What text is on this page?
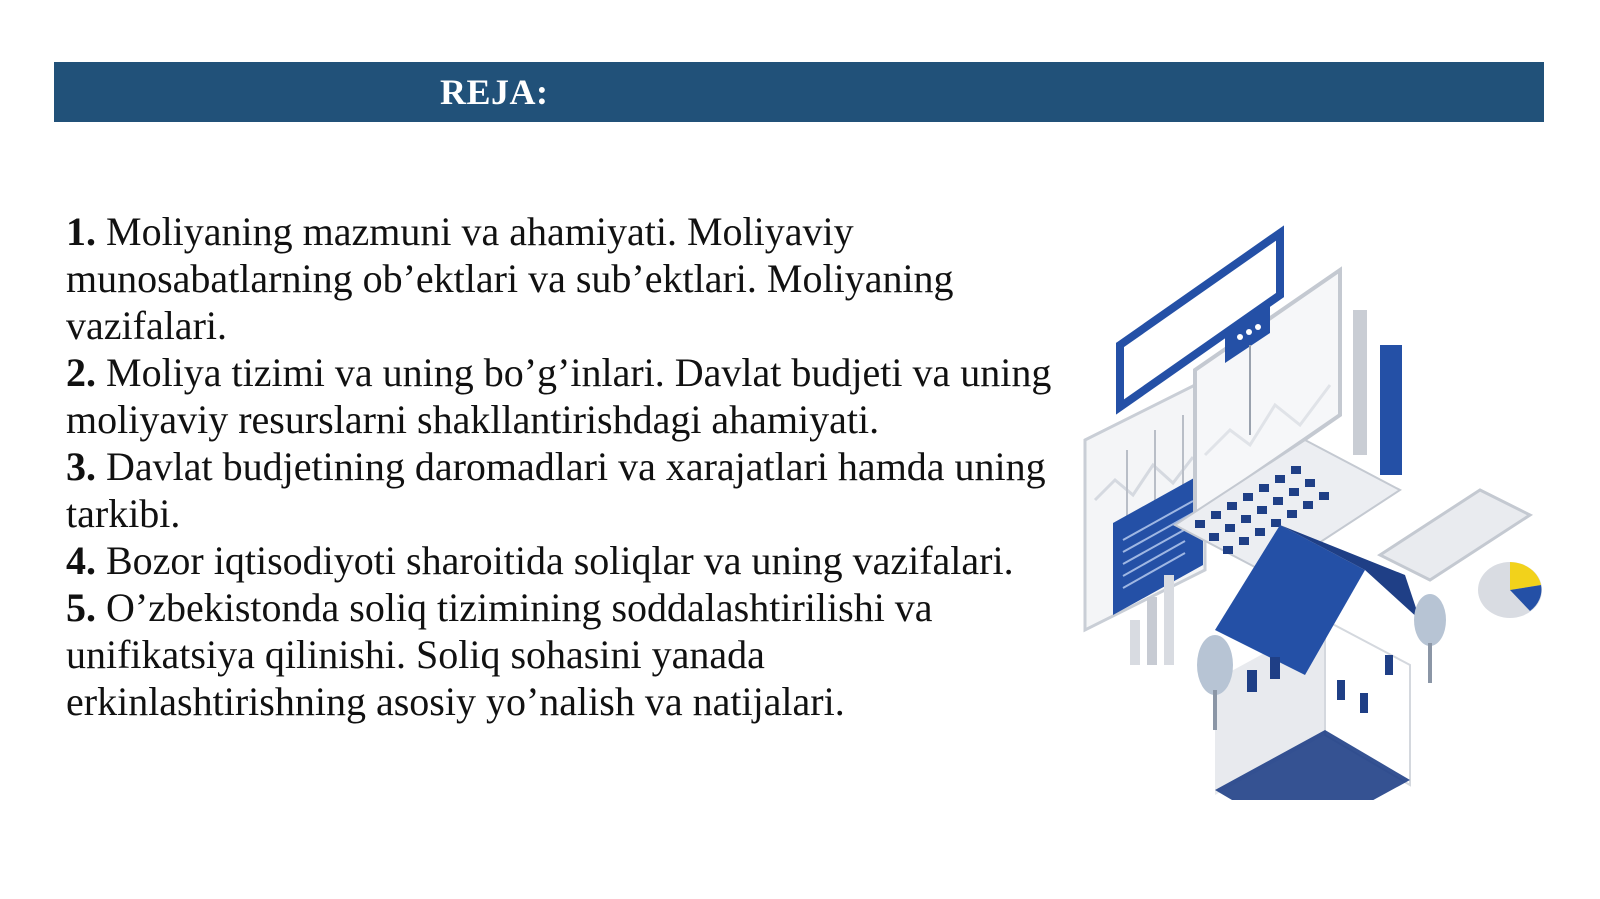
REJA:
1. Moliyaning mazmuni va ahamiyati. Moliyaviy munosabatlarning ob’ektlari va sub’ektlari. Moliyaning vazifalari.
2. Moliya tizimi va uning bo’g’inlari. Davlat budjeti va uning  moliyaviy resurslarni shakllantirishdagi ahamiyati.
3. Davlat budjetining daromadlari va xarajatlari hamda uning tarkibi.
4. Bozor iqtisodiyoti sharoitida soliqlar va uning vazifalari.
5. O’zbekistonda soliq tizimining soddalashtirilishi va unifikatsiya qilinishi. Soliq sohasini yanada erkinlashtirishning asosiy yo’nalish va natijalari.
